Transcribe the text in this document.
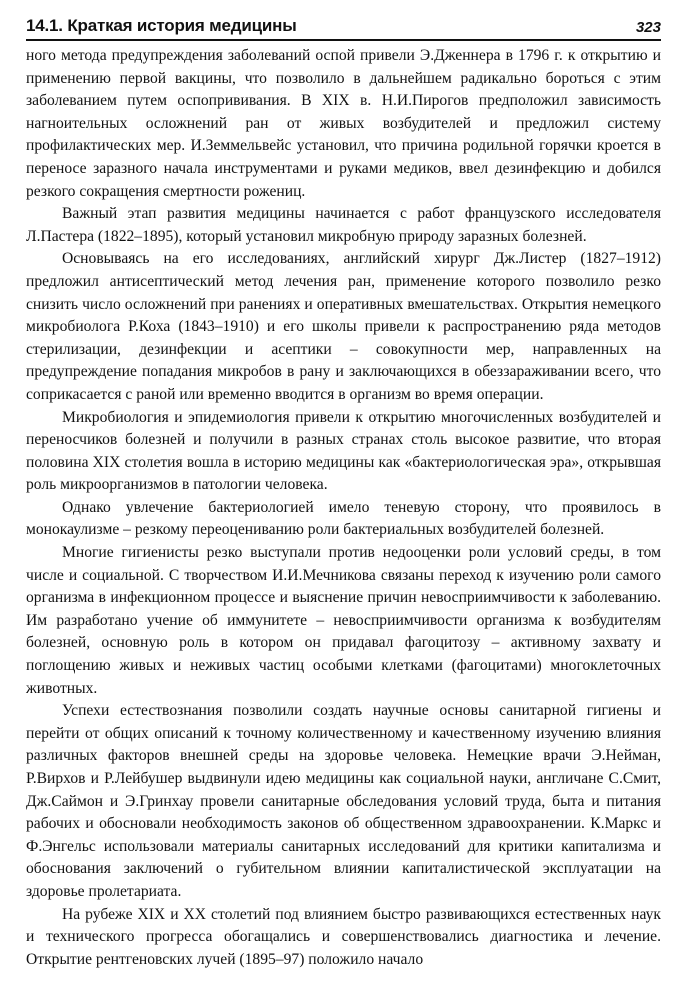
14.1. Краткая история медицины	323

ного метода предупреждения заболеваний оспой привели Э.Дженнера в 1796 г. к открытию и применению первой вакцины, что позволило в дальнейшем радикально бороться с этим заболеванием путем оспопрививания. В XIX в. Н.И.Пирогов предположил зависимость нагноительных осложнений ран от живых возбудителей и предложил систему профилактических мер. И.Земмельвейс установил, что причина родильной горячки кроется в переносе заразного начала инструментами и руками медиков, ввел дезинфекцию и добился резкого сокращения смертности рожениц.

Важный этап развития медицины начинается с работ французского исследователя Л.Пастера (1822–1895), который установил микробную природу заразных болезней.

Основываясь на его исследованиях, английский хирург Дж.Листер (1827–1912) предложил антисептический метод лечения ран, применение которого позволило резко снизить число осложнений при ранениях и оперативных вмешательствах. Открытия немецкого микробиолога Р.Коха (1843–1910) и его школы привели к распространению ряда методов стерилизации, дезинфекции и асептики – совокупности мер, направленных на предупреждение попадания микробов в рану и заключающихся в обеззараживании всего, что соприкасается с раной или временно вводится в организм во время операции.

Микробиология и эпидемиология привели к открытию многочисленных возбудителей и переносчиков болезней и получили в разных странах столь высокое развитие, что вторая половина XIX столетия вошла в историю медицины как «бактериологическая эра», открывшая роль микроорганизмов в патологии человека.

Однако увлечение бактериологией имело теневую сторону, что проявилось в монокаулизме – резкому переоцениванию роли бактериальных возбудителей болезней.

Многие гигиенисты резко выступали против недооценки роли условий среды, в том числе и социальной. С творчеством И.И.Мечникова связаны переход к изучению роли самого организма в инфекционном процессе и выяснение причин невосприимчивости к заболеванию. Им разработано учение об иммунитете – невосприимчивости организма к возбудителям болезней, основную роль в котором он придавал фагоцитозу – активному захвату и поглощению живых и неживых частиц особыми клетками (фагоцитами) многоклеточных животных.

Успехи естествознания позволили создать научные основы санитарной гигиены и перейти от общих описаний к точному количественному и качественному изучению влияния различных факторов внешней среды на здоровье человека. Немецкие врачи Э.Нейман, Р.Вирхов и Р.Лейбушер выдвинули идею медицины как социальной науки, англичане С.Смит, Дж.Саймон и Э.Гринхау провели санитарные обследования условий труда, быта и питания рабочих и обосновали необходимость законов об общественном здравоохранении. К.Маркс и Ф.Энгельс использовали материалы санитарных исследований для критики капитализма и обоснования заключений о губительном влиянии капиталистической эксплуатации на здоровье пролетариата.

На рубеже XIX и XX столетий под влиянием быстро развивающихся естественных наук и технического прогресса обогащались и совершенствовались диагностика и лечение. Открытие рентгеновских лучей (1895–97) положило начало
